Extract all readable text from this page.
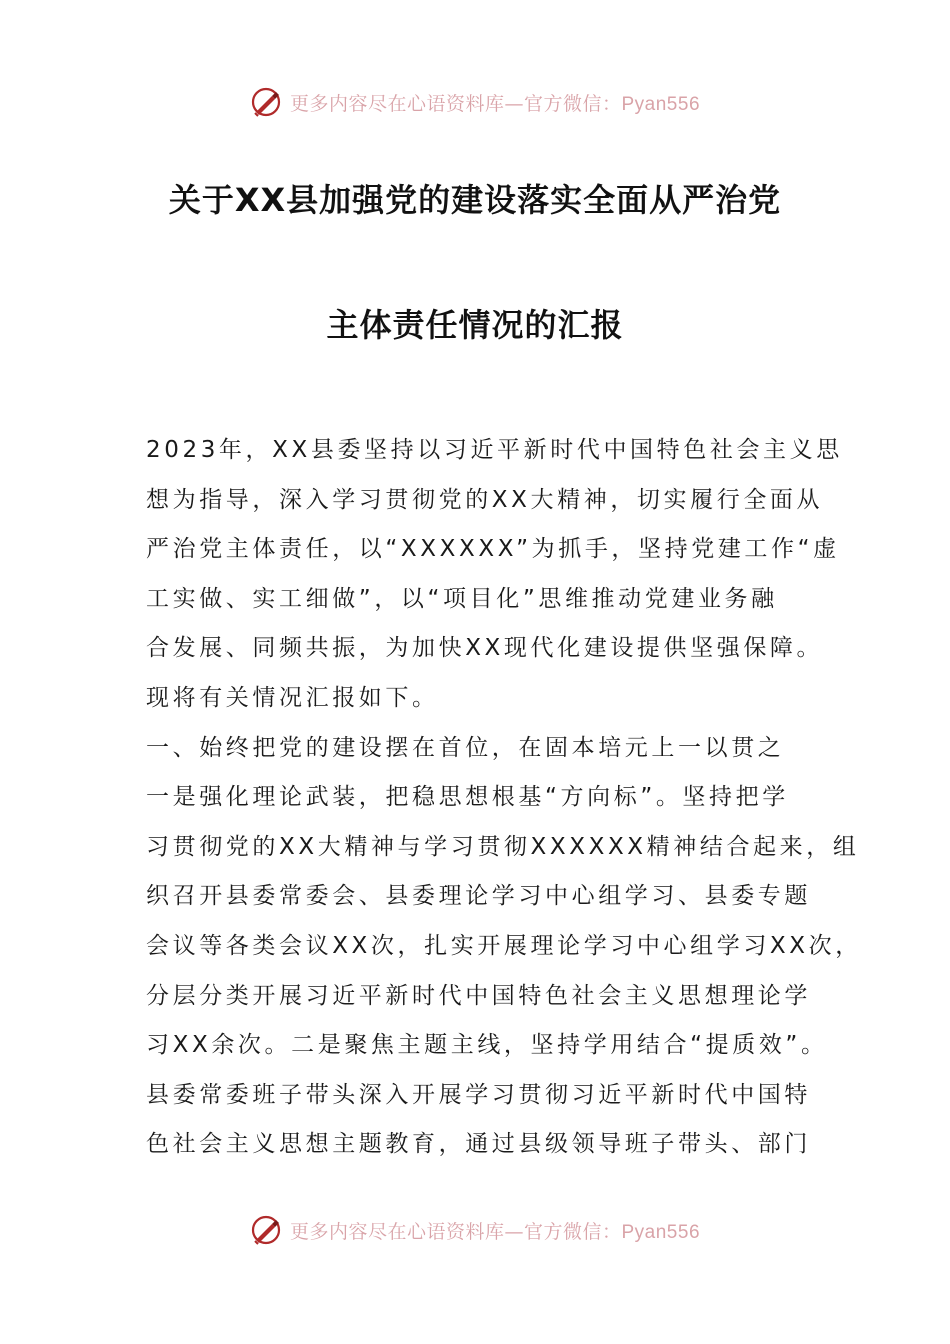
更多内容尽在心语资料库—官方微信：Pyan556
关于XX县加强党的建设落实全面从严治党
主体责任情况的汇报
2023年，XX县委坚持以习近平新时代中国特色社会主义思
想为指导，深入学习贯彻党的XX大精神，切实履行全面从
严治党主体责任，以“XXXXXX”为抓手，坚持党建工作“虚
工实做、实工细做”，以“项目化”思维推动党建业务融
合发展、同频共振，为加快XX现代化建设提供坚强保障。
现将有关情况汇报如下。
一、始终把党的建设摆在首位，在固本培元上一以贯之
一是强化理论武装，把稳思想根基“方向标”。坚持把学
习贯彻党的XX大精神与学习贯彻XXXXXX精神结合起来，组
织召开县委常委会、县委理论学习中心组学习、县委专题
会议等各类会议XX次，扎实开展理论学习中心组学习XX次，
分层分类开展习近平新时代中国特色社会主义思想理论学
习XX余次。二是聚焦主题主线，坚持学用结合“提质效”。
县委常委班子带头深入开展学习贯彻习近平新时代中国特
色社会主义思想主题教育，通过县级领导班子带头、部门
更多内容尽在心语资料库—官方微信：Pyan556
